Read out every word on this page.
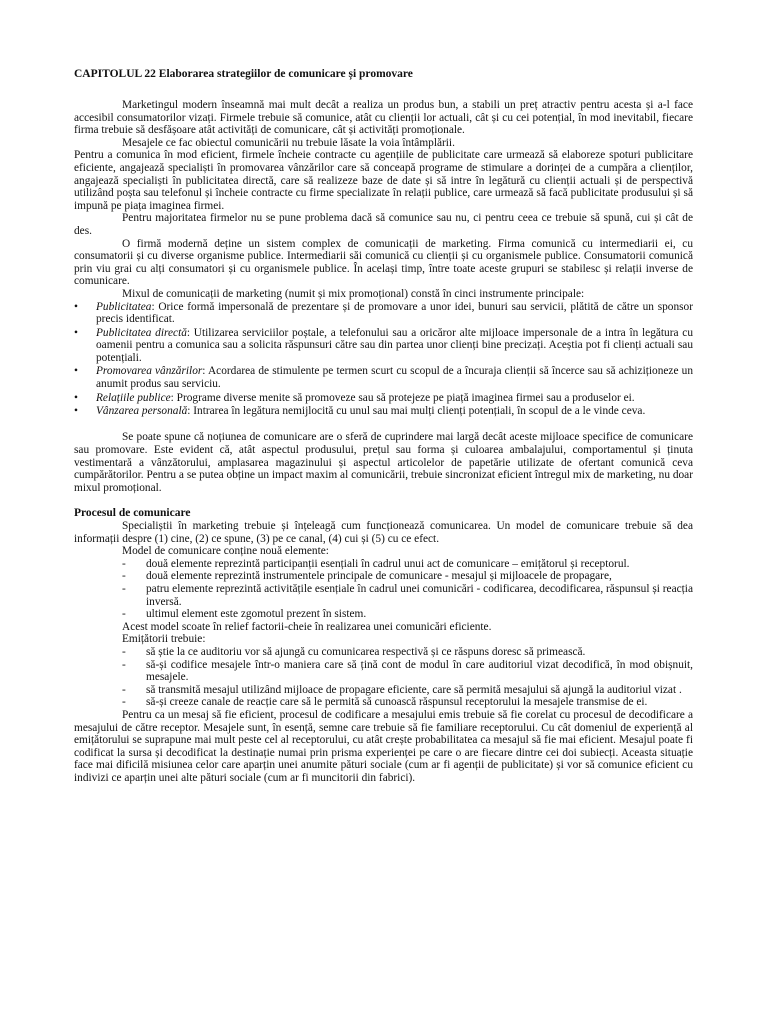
CAPITOLUL 22 Elaborarea strategiilor de comunicare și promovare

Marketingul modern înseamnă mai mult decât a realiza un produs bun, a stabili un preț atractiv pentru acesta și a-l face accesibil consumatorilor vizați. Firmele trebuie să comunice, atât cu clienții lor actuali, cât și cu cei potențial, în mod inevitabil, fiecare firma trebuie să desfășoare atât activități de comunicare, cât și activități promoționale.

Mesajele ce fac obiectul comunicării nu trebuie lăsate la voia întâmplării.

Pentru a comunica în mod eficient, firmele încheie contracte cu agențiile de publicitate care urmează să elaboreze spoturi publicitare eficiente, angajează specialiști în promovarea vânzărilor care să conceapă programe de stimulare a dorinței de a cumpăra a clienților, angajează specialiști în publicitatea directă, care să realizeze baze de date și să intre în legătură cu clienții actuali și de perspectivă utilizând poșta sau telefonul și încheie contracte cu firme specializate în relații publice, care urmează să facă publicitate produsului și să impună pe piața imaginea firmei.

Pentru majoritatea firmelor nu se pune problema dacă să comunice sau nu, ci pentru ceea ce trebuie să spună, cui și cât de des.

O firmă modernă deține un sistem complex de comunicații de marketing. Firma comunică cu intermediarii ei, cu consumatorii și cu diverse organisme publice. Intermediarii săi comunică cu clienții și cu organismele publice. Consumatorii comunică prin viu grai cu alți consumatori și cu organismele publice. În același timp, între toate aceste grupuri se stabilesc și relații inverse de comunicare.

Mixul de comunicații de marketing (numit și mix promoțional) constă în cinci instrumente principale:

• Publicitatea: Orice formă impersonală de prezentare și de promovare a unor idei, bunuri sau servicii, plătită de către un sponsor precis identificat.
• Publicitatea directă: Utilizarea serviciilor poștale, a telefonului sau a oricăror alte mijloace impersonale de a intra în legătura cu oamenii pentru a comunica sau a solicita răspunsuri către sau din partea unor clienți bine precizați. Aceștia pot fi clienți actuali sau potențiali.
• Promovarea vânzărilor: Acordarea de stimulente pe termen scurt cu scopul de a încuraja clienții să încerce sau să achiziționeze un anumit produs sau serviciu.
• Relațiile publice: Programe diverse menite să promoveze sau să protejeze pe piață imaginea firmei sau a produselor ei.
• Vânzarea personală: Intrarea în legătura nemijlocită cu unul sau mai mulți clienți potențiali, în scopul de a le vinde ceva.

Se poate spune că noțiunea de comunicare are o sferă de cuprindere mai largă decât aceste mijloace specifice de comunicare sau promovare. Este evident că, atât aspectul produsului, prețul sau forma și culoarea ambalajului, comportamentul și ținuta vestimentară a vânzătorului, amplasarea magazinului și aspectul articolelor de papetărie utilizate de ofertant comunică ceva cumpărătorilor. Pentru a se putea obține un impact maxim al comunicării, trebuie sincronizat eficient întregul mix de marketing, nu doar mixul promoțional.

Procesul de comunicare

Specialiștii în marketing trebuie și înțeleagă cum funcționează comunicarea. Un model de comunicare trebuie să dea informații despre (1) cine, (2) ce spune, (3) pe ce canal, (4) cui și (5) cu ce efect.

Model de comunicare conține nouă elemente:

- două elemente reprezintă participanții esențiali în cadrul unui act de comunicare – emițătorul și receptorul.
- două elemente reprezintă instrumentele principale de comunicare - mesajul și mijloacele de propagare,
- patru elemente reprezintă activitățile esențiale în cadrul unei comunicări - codificarea, decodificarea, răspunsul și reacția inversă.
- ultimul element este zgomotul prezent în sistem.

Acest model scoate în relief factorii-cheie în realizarea unei comunicări eficiente.

Emițătorii trebuie:

- să știe la ce auditoriu vor să ajungă cu comunicarea respectivă și ce răspuns doresc să primească.
- să-și codifice mesajele într-o maniera care să țină cont de modul în care auditoriul vizat decodifică, în mod obișnuit, mesajele.
- să transmită mesajul utilizând mijloace de propagare eficiente, care să permită mesajului să ajungă la auditoriul vizat .
- să-și creeze canale de reacție care să le permită să cunoască răspunsul receptorului la mesajele transmise de ei.

Pentru ca un mesaj să fie eficient, procesul de codificare a mesajului emis trebuie să fie corelat cu procesul de decodificare a mesajului de către receptor. Mesajele sunt, în esență, semne care trebuie să fie familiare receptorului. Cu cât domeniul de experiență al emițătorului se suprapune mai mult peste cel al receptorului, cu atât crește probabilitatea ca mesajul să fie mai eficient. Mesajul poate fi codificat la sursa și decodificat la destinație numai prin prisma experienței pe care o are fiecare dintre cei doi subiecți. Aceasta situație face mai dificilă misiunea celor care aparțin unei anumite pături sociale (cum ar fi agenții de publicitate) și vor să comunice eficient cu indivizi ce aparțin unei alte pături sociale (cum ar fi muncitorii din fabrici).
